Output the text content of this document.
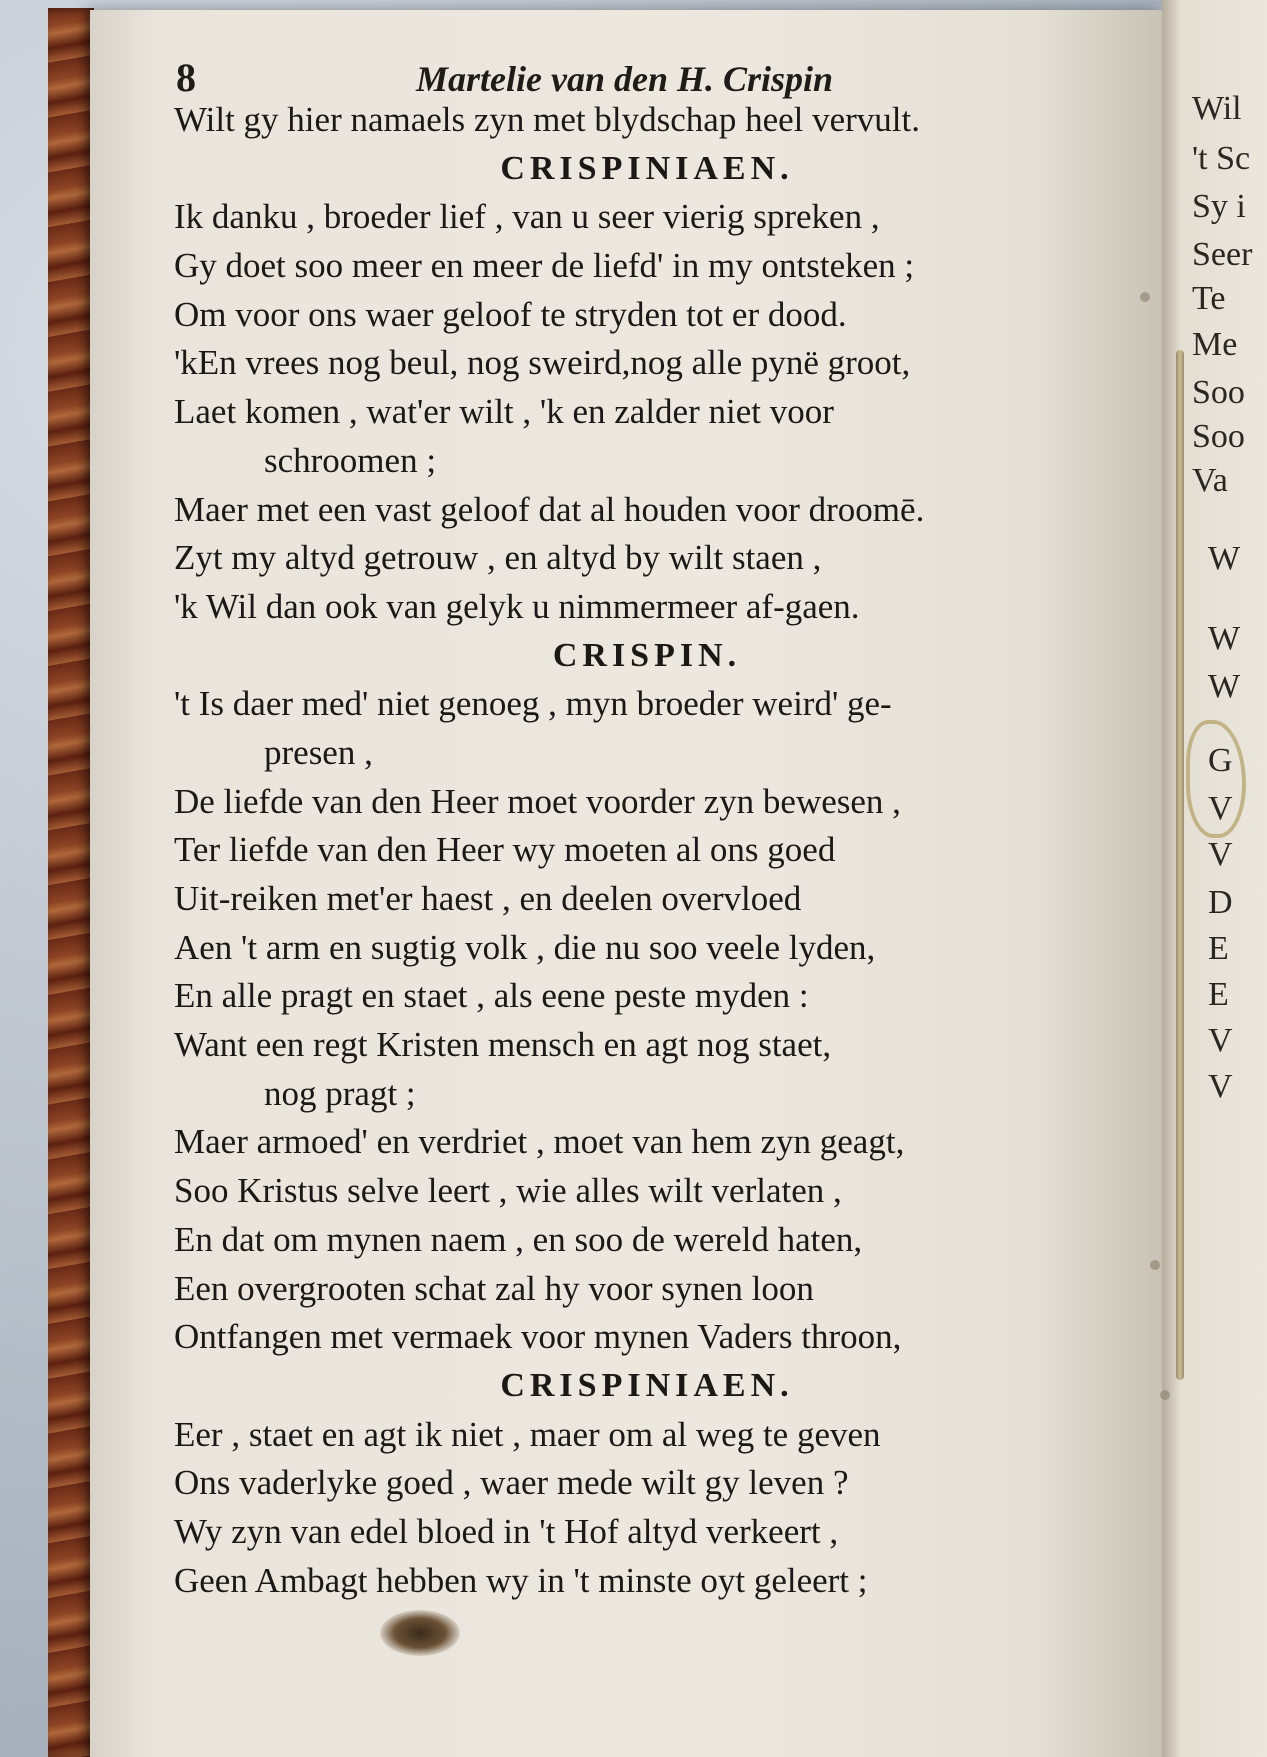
8	Martelie van den H. Crispin
Wilt gy hier namaels zyn met blydschap heel vervult.
CRISPINIAEN.
Ik danku , broeder lief , van u seer vierig spreken ,
Gy doet soo meer en meer de liefd' in my ontsteken ;
Om voor ons waer geloof te stryden tot er dood.
'kEn vrees nog beul, nog sweird,nog alle pynë groot,
Laet komen , wat'er wilt , 'k en zalder niet voor
schroomen ;
Maer met een vast geloof dat al houden voor droomē.
Zyt my altyd getrouw , en altyd by wilt staen ,
'k Wil dan ook van gelyk u nimmermeer af-gaen.
CRISPIN.
't Is daer med' niet genoeg , myn broeder weird' ge-
presen ,
De liefde van den Heer moet voorder zyn bewesen ,
Ter liefde van den Heer wy moeten al ons goed
Uit-reiken met'er haest , en deelen overvloed
Aen 't arm en sugtig volk , die nu soo veele lyden,
En alle pragt en staet , als eene peste myden :
Want een regt Kristen mensch en agt nog staet,
nog pragt ;
Maer armoed' en verdriet , moet van hem zyn geagt,
Soo Kristus selve leert , wie alles wilt verlaten ,
En dat om mynen naem , en soo de wereld haten,
Een overgrooten schat zal hy voor synen loon
Ontfangen met vermaek voor mynen Vaders throon,
CRISPINIAEN.
Eer , staet en agt ik niet , maer om al weg te geven
Ons vaderlyke goed , waer mede wilt gy leven ?
Wy zyn van edel bloed in 't Hof altyd verkeert ,
Geen Ambagt hebben wy in 't minste oyt geleert ;
Wil
't Sc
Sy i
Seer
Te
Me
Soo
Soo
Va
W
W
W
G
V
V
D
E
E
V
V
